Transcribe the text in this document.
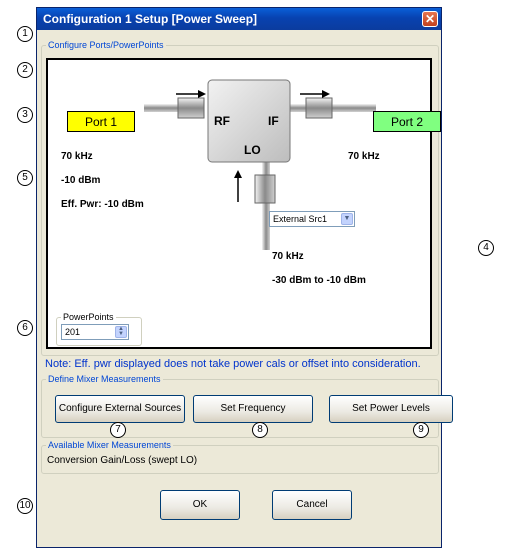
1
2
3
5
6
10
4
Configuration 1 Setup [Power Sweep]	✕
Configure Ports/PowerPoints
Port 1	Port 2
RF	IF
LO
70 kHz
-10 dBm
Eff. Pwr: -10 dBm
70 kHz
External Src1	▼
70 kHz
-30 dBm to -10 dBm
PowerPoints
201	▲
▼
Note: Eff. pwr displayed does not take power cals or offset into consideration.
Define Mixer Measurements
Configure External Sources	Set Frequency	Set Power Levels
7	8	9
Available Mixer Measurements
Conversion Gain/Loss (swept LO)
OK	Cancel
